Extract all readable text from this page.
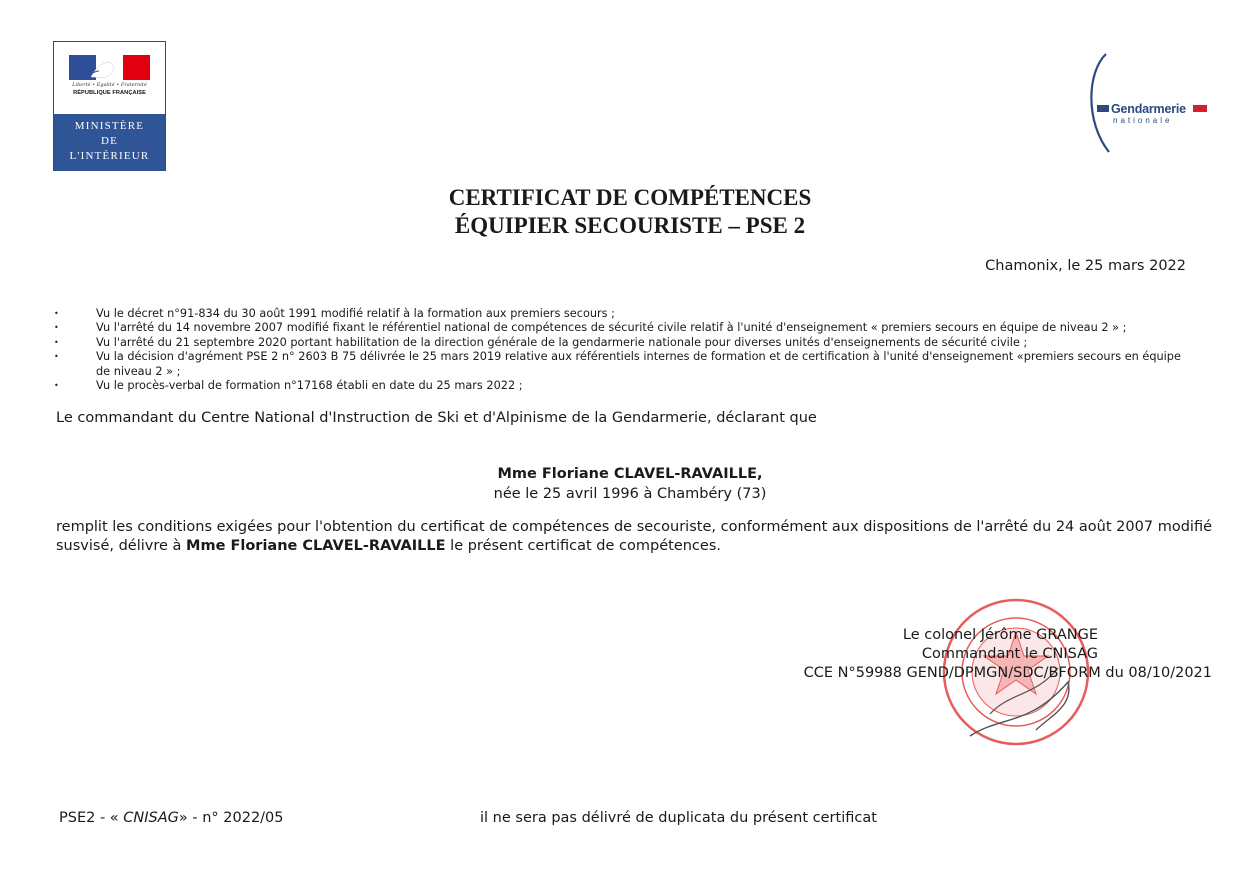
Liberté • Égalité • Fraternité
RÉPUBLIQUE FRANÇAISE
MINISTÈRE
DE
L'INTÉRIEUR
Gendarmerie
nationale
CERTIFICAT DE COMPÉTENCES
ÉQUIPIER SECOURISTE – PSE 2
Chamonix, le 25 mars 2022
• Vu le décret n°91-834 du 30 août 1991 modifié relatif à la formation aux premiers secours ;
• Vu l'arrêté du 14 novembre 2007 modifié fixant le référentiel national de compétences de sécurité civile relatif à l'unité d'enseignement « premiers secours en équipe de niveau 2 » ;
• Vu l'arrêté du 21 septembre 2020 portant habilitation de la direction générale de la gendarmerie nationale pour diverses unités d'enseignements de sécurité civile ;
• Vu la décision d'agrément PSE 2 n° 2603 B 75 délivrée le 25 mars 2019 relative aux référentiels internes de formation et de certification à l'unité d'enseignement «premiers secours en équipe de niveau 2 » ;
• Vu le procès-verbal de formation n°17168 établi en date du 25 mars 2022 ;
Le commandant du Centre National d'Instruction de Ski et d'Alpinisme de la Gendarmerie, déclarant que
Mme Floriane CLAVEL-RAVAILLE,
née le 25 avril 1996 à Chambéry (73)
remplit les conditions exigées pour l'obtention du certificat de compétences de secouriste, conformément aux dispositions de l'arrêté du 24 août 2007 modifié susvisé, délivre à Mme Floriane CLAVEL-RAVAILLE le présent certificat de compétences.
Le colonel Jérôme GRANGE
Commandant le CNISAG
CCE N°59988 GEND/DPMGN/SDC/BFORM du 08/10/2021
PSE2 - « CNISAG» - n° 2022/05	il ne sera pas délivré de duplicata du présent certificat
